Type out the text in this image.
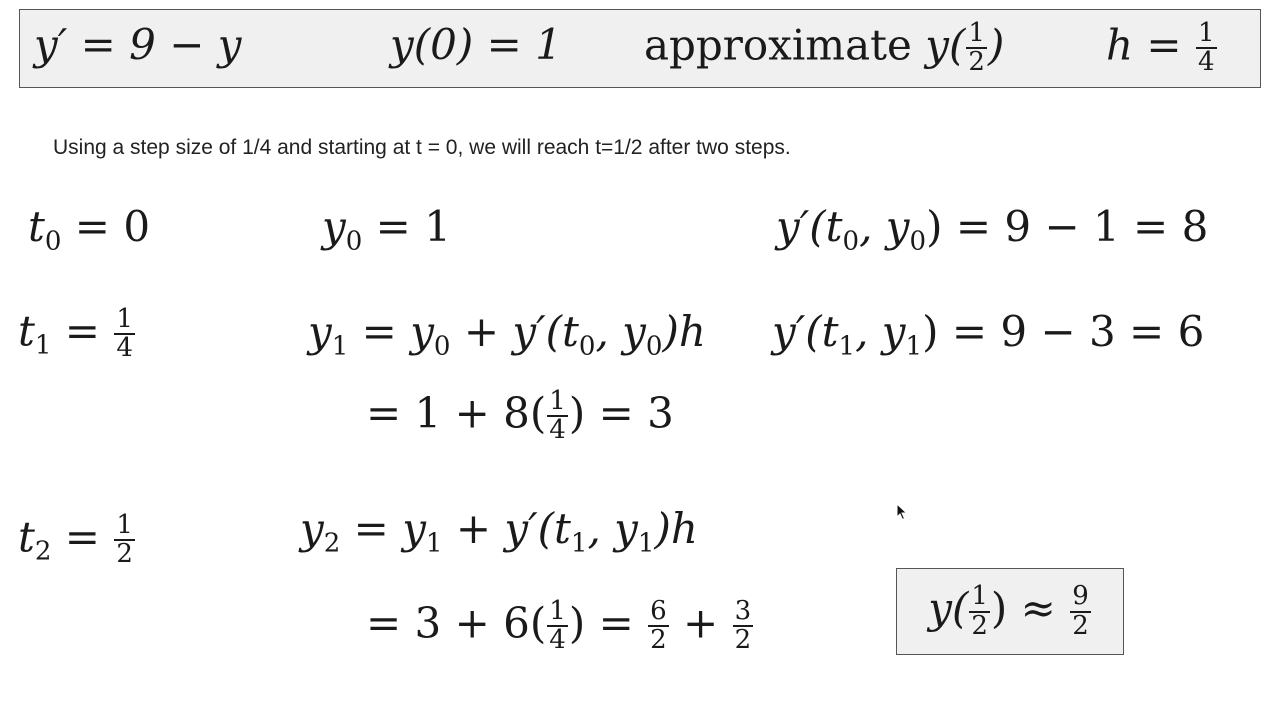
y′ = 9 − y	y(0) = 1 approximate $y( \frac{1}{2}$ ) $h = \frac{1}{4}$
Using a step size of 1/4 and starting at t = 0, we will reach t=1/2 after two steps.
$t_0 = 0$	$y_0 = 1$	$y'(t_0$, $y_0) = 9 - 1 = 8$
$t_1 = \frac{1}{4}$	$y_1 = y_0 + y'(t_0$, $y_0)h$ $y'(t_1$, $y_1) = 9 - 3 = 6$
= $1 + 8( \frac{1}{4}$ ) = 3
$t_2 = \frac{1}{2}$	$y_2 = y_1 + y'(t_1$, $y_1)h$
= $3 + 6( \frac{1}{4}$ ) = $\frac{6}{2} + \frac{3}{2}$	$y( \frac{1}{2}$ ) ≈ $\frac{9}{2}$
